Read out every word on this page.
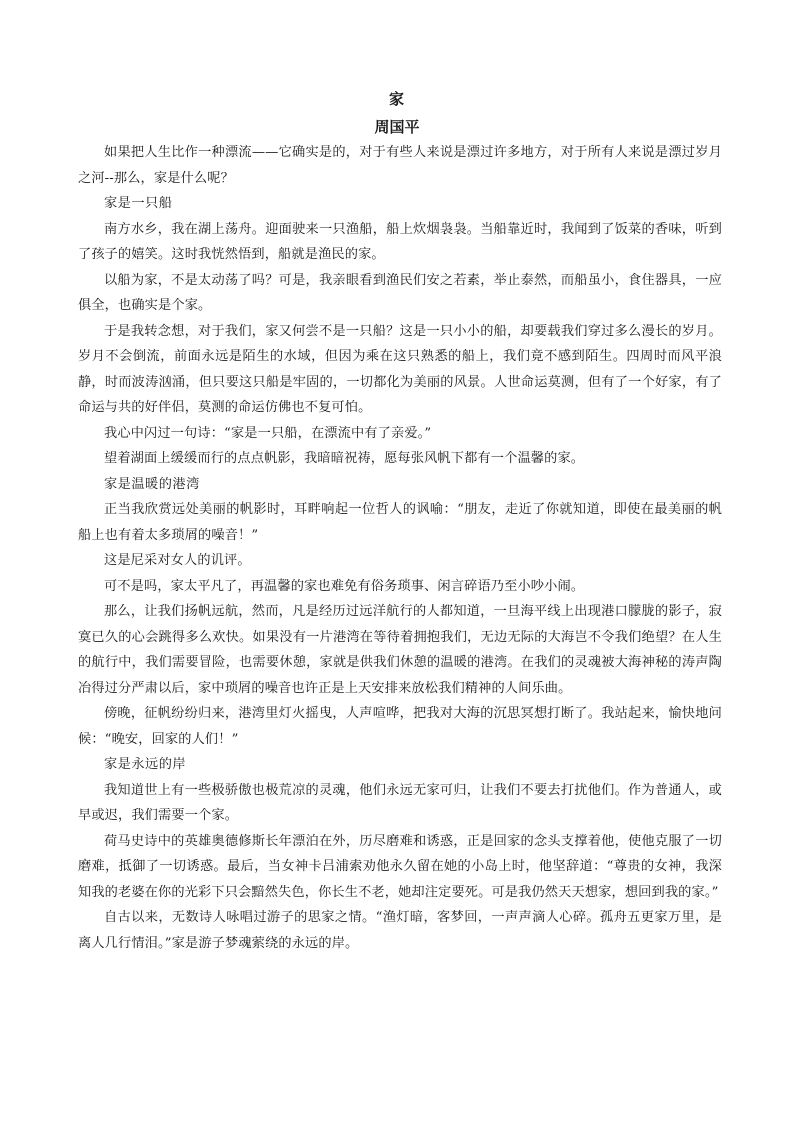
家
周国平

如果把人生比作一种漂流——它确实是的，对于有些人来说是漂过许多地方，对于所有人来说是漂过岁月之河--那么，家是什么呢？

家是一只船

南方水乡，我在湖上荡舟。迎面驶来一只渔船，船上炊烟袅袅。当船靠近时，我闻到了饭菜的香味，听到了孩子的嬉笑。这时我恍然悟到，船就是渔民的家。

以船为家，不是太动荡了吗？可是，我亲眼看到渔民们安之若素，举止泰然，而船虽小，食住器具，一应俱全，也确实是个家。

于是我转念想，对于我们，家又何尝不是一只船？这是一只小小的船，却要载我们穿过多么漫长的岁月。岁月不会倒流，前面永远是陌生的水域，但因为乘在这只熟悉的船上，我们竟不感到陌生。四周时而风平浪静，时而波涛汹涌，但只要这只船是牢固的，一切都化为美丽的风景。人世命运莫测，但有了一个好家，有了命运与共的好伴侣，莫测的命运仿佛也不复可怕。

我心中闪过一句诗：“家是一只船，在漂流中有了亲爱。”

望着湖面上缓缓而行的点点帆影，我暗暗祝祷，愿每张风帆下都有一个温馨的家。

家是温暖的港湾

正当我欣赏远处美丽的帆影时，耳畔响起一位哲人的讽喻：“朋友，走近了你就知道，即使在最美丽的帆船上也有着太多琐屑的噪音！”

这是尼采对女人的讥评。

可不是吗，家太平凡了，再温馨的家也难免有俗务琐事、闲言碎语乃至小吵小闹。

那么，让我们扬帆远航，然而，凡是经历过远洋航行的人都知道，一旦海平线上出现港口朦胧的影子，寂寞已久的心会跳得多么欢快。如果没有一片港湾在等待着拥抱我们，无边无际的大海岂不令我们绝望？在人生的航行中，我们需要冒险，也需要休憩，家就是供我们休憩的温暖的港湾。在我们的灵魂被大海神秘的涛声陶冶得过分严肃以后，家中琐屑的噪音也许正是上天安排来放松我们精神的人间乐曲。

傍晚，征帆纷纷归来，港湾里灯火摇曳，人声喧哗，把我对大海的沉思冥想打断了。我站起来，愉快地问候：“晚安，回家的人们！”

家是永远的岸

我知道世上有一些极骄傲也极荒凉的灵魂，他们永远无家可归，让我们不要去打扰他们。作为普通人，或早或迟，我们需要一个家。

荷马史诗中的英雄奥德修斯长年漂泊在外，历尽磨难和诱惑，正是回家的念头支撑着他，使他克服了一切磨难，抵御了一切诱惑。最后，当女神卡吕浦索劝他永久留在她的小岛上时，他坚辞道：“尊贵的女神，我深知我的老婆在你的光彩下只会黯然失色，你长生不老，她却注定要死。可是我仍然天天想家，想回到我的家。”

自古以来，无数诗人咏唱过游子的思家之情。“渔灯暗，客梦回，一声声滴人心碎。孤舟五更家万里，是离人几行情泪。”家是游子梦魂萦绕的永远的岸。
